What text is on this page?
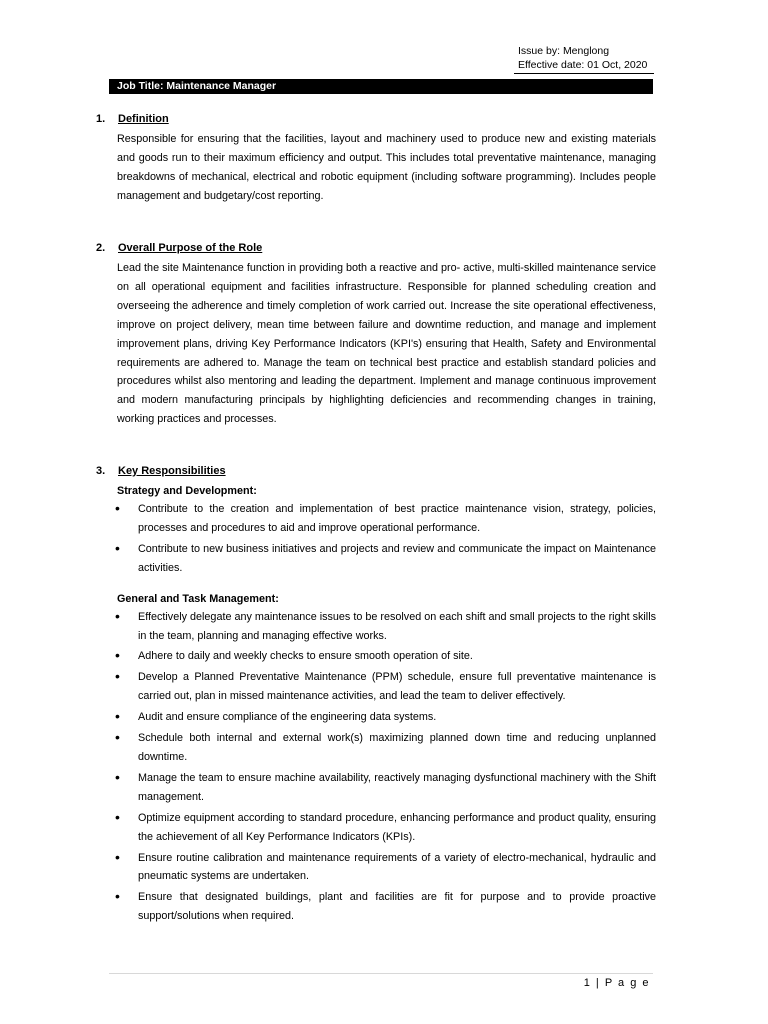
Issue by: Menglong
Effective date: 01 Oct, 2020
Job Title: Maintenance Manager
1.	Definition
Responsible for ensuring that the facilities, layout and machinery used to produce new and existing materials and goods run to their maximum efficiency and output. This includes total preventative maintenance, managing breakdowns of mechanical, electrical and robotic equipment (including software programming). Includes people management and budgetary/cost reporting.
2.	Overall Purpose of the Role
Lead the site Maintenance function in providing both a reactive and pro- active, multi-skilled maintenance service on all operational equipment and facilities infrastructure. Responsible for planned scheduling creation and overseeing the adherence and timely completion of work carried out. Increase the site operational effectiveness, improve on project delivery, mean time between failure and downtime reduction, and manage and implement improvement plans, driving Key Performance Indicators (KPI's) ensuring that Health, Safety and Environmental requirements are adhered to. Manage the team on technical best practice and establish standard policies and procedures whilst also mentoring and leading the department. Implement and manage continuous improvement and modern manufacturing principals by highlighting deficiencies and recommending changes in training, working practices and processes.
3.	Key Responsibilities
Strategy and Development:
• Contribute to the creation and implementation of best practice maintenance vision, strategy, policies, processes and procedures to aid and improve operational performance.
• Contribute to new business initiatives and projects and review and communicate the impact on Maintenance activities.
General and Task Management:
• Effectively delegate any maintenance issues to be resolved on each shift and small projects to the right skills in the team, planning and managing effective works.
• Adhere to daily and weekly checks to ensure smooth operation of site.
• Develop a Planned Preventative Maintenance (PPM) schedule, ensure full preventative maintenance is carried out, plan in missed maintenance activities, and lead the team to deliver effectively.
• Audit and ensure compliance of the engineering data systems.
• Schedule both internal and external work(s) maximizing planned down time and reducing unplanned downtime.
• Manage the team to ensure machine availability, reactively managing dysfunctional machinery with the Shift management.
• Optimize equipment according to standard procedure, enhancing performance and product quality, ensuring the achievement of all Key Performance Indicators (KPIs).
• Ensure routine calibration and maintenance requirements of a variety of electro-mechanical, hydraulic and pneumatic systems are undertaken.
• Ensure that designated buildings, plant and facilities are fit for purpose and to provide proactive support/solutions when required.
1 | P a g e
